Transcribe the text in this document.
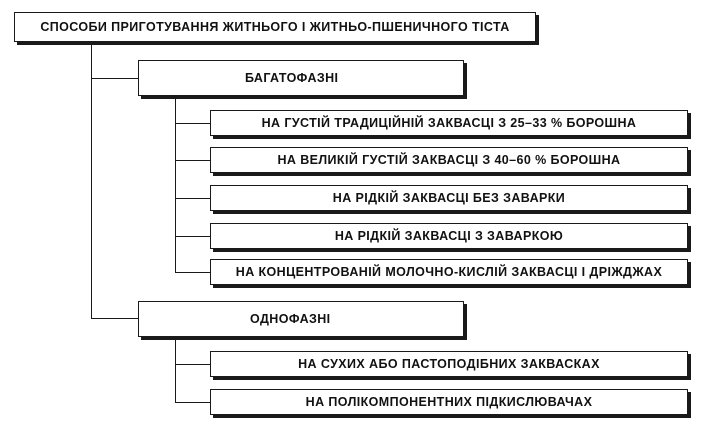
СПОСОБИ ПРИГОТУВАННЯ ЖИТНЬОГО І ЖИТНЬО-ПШЕНИЧНОГО ТІСТА
БАГАТОФАЗНІ
НА ГУСТІЙ ТРАДИЦІЙНІЙ ЗАКВАСЦІ З 25–33 % БОРОШНА
НА ВЕЛИКІЙ ГУСТІЙ ЗАКВАСЦІ З 40–60 % БОРОШНА
НА РІДКІЙ ЗАКВАСЦІ БЕЗ ЗАВАРКИ
НА РІДКІЙ ЗАКВАСЦІ З ЗАВАРКОЮ
НА КОНЦЕНТРОВАНІЙ МОЛОЧНО-КИСЛІЙ ЗАКВАСЦІ І ДРІЖДЖАХ
ОДНОФАЗНІ
НА СУХИХ АБО ПАСТОПОДІБНИХ ЗАКВАСКАХ
НА ПОЛІКОМПОНЕНТНИХ ПІДКИСЛЮВАЧАХ
